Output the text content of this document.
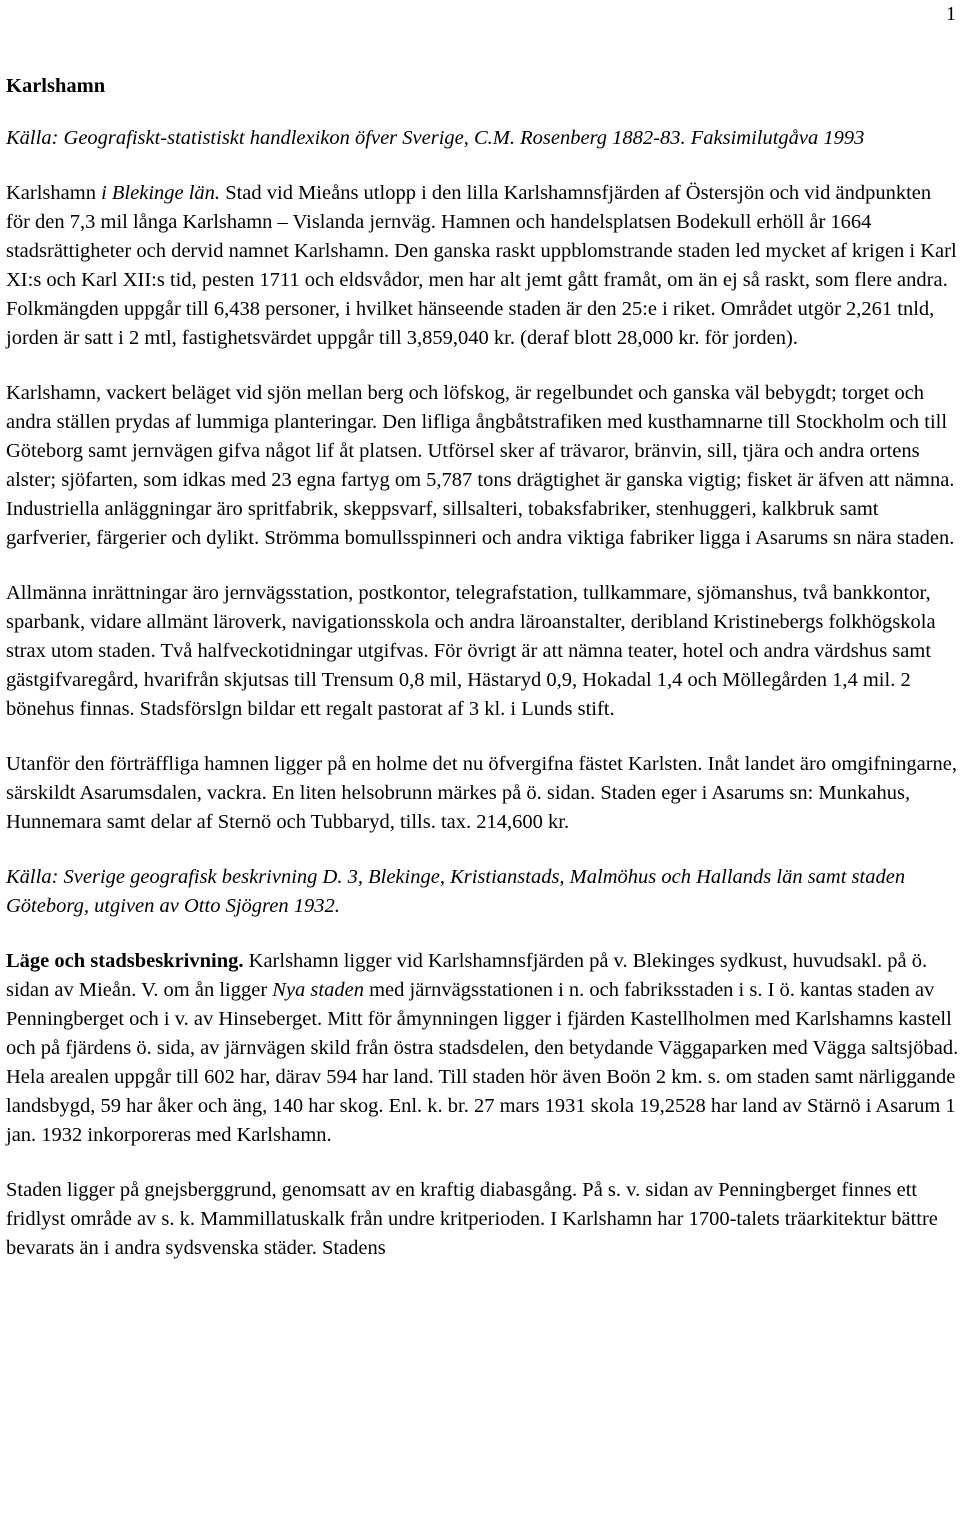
1
Karlshamn

Källa: Geografiskt-statistiskt handlexikon öfver Sverige, C.M. Rosenberg 1882-83. Faksimilutgåva 1993

Karlshamn i Blekinge län. Stad vid Mieåns utlopp i den lilla Karlshamnsfjärden af Östersjön och vid ändpunkten för den 7,3 mil långa Karlshamn – Vislanda jernväg. Hamnen och handelsplatsen Bodekull erhöll år 1664 stadsrättigheter och dervid namnet Karlshamn. Den ganska raskt uppblomstrande staden led mycket af krigen i Karl XI:s och Karl XII:s tid, pesten 1711 och eldsvådor, men har alt jemt gått framåt, om än ej så raskt, som flere andra. Folkmängden uppgår till 6,438 personer, i hvilket hänseende staden är den 25:e i riket. Området utgör 2,261 tnld, jorden är satt i 2 mtl, fastighetsvärdet uppgår till 3,859,040 kr. (deraf blott 28,000 kr. för jorden).

Karlshamn, vackert beläget vid sjön mellan berg och löfskog, är regelbundet och ganska väl bebygdt; torget och andra ställen prydas af lummiga planteringar. Den lifliga ångbåtstrafiken med kusthamnarne till Stockholm och till Göteborg samt jernvägen gifva något lif åt platsen. Utförsel sker af trävaror, bränvin, sill, tjära och andra ortens alster; sjöfarten, som idkas med 23 egna fartyg om 5,787 tons drägtighet är ganska vigtig; fisket är äfven att nämna. Industriella anläggningar äro spritfabrik, skeppsvarf, sillsalteri, tobaksfabriker, stenhuggeri, kalkbruk samt garfverier, färgerier och dylikt. Strömma bomullsspinneri och andra viktiga fabriker ligga i Asarums sn nära staden.

Allmänna inrättningar äro jernvägsstation, postkontor, telegrafstation, tullkammare, sjömanshus, två bankkontor, sparbank, vidare allmänt läroverk, navigationsskola och andra läroanstalter, deribland Kristinebergs folkhögskola strax utom staden. Två halfveckotidningar utgifvas. För övrigt är att nämna teater, hotel och andra värdshus samt gästgifvaregård, hvarifrån skjutsas till Trensum 0,8 mil, Hästaryd 0,9, Hokadal 1,4 och Möllegården 1,4 mil. 2 bönehus finnas. Stadsförslgn bildar ett regalt pastorat af 3 kl. i Lunds stift.

Utanför den förträffliga hamnen ligger på en holme det nu öfvergifna fästet Karlsten. Inåt landet äro omgifningarne, särskildt Asarumsdalen, vackra. En liten helsobrunn märkes på ö. sidan. Staden eger i Asarums sn: Munkahus, Hunnemara samt delar af Sternö och Tubbaryd, tills. tax. 214,600 kr.

Källa: Sverige geografisk beskrivning D. 3, Blekinge, Kristianstads, Malmöhus och Hallands län samt staden Göteborg, utgiven av Otto Sjögren 1932.

Läge och stadsbeskrivning. Karlshamn ligger vid Karlshamnsfjärden på v. Blekinges sydkust, huvudsakl. på ö. sidan av Mieån. V. om ån ligger Nya staden med järnvägsstationen i n. och fabriksstaden i s. I ö. kantas staden av Penningberget och i v. av Hinseberget. Mitt för åmynningen ligger i fjärden Kastellholmen med Karlshamns kastell och på fjärdens ö. sida, av järnvägen skild från östra stadsdelen, den betydande Väggaparken med Vägga saltsjöbad. Hela arealen uppgår till 602 har, därav 594 har land. Till staden hör även Boön 2 km. s. om staden samt närliggande landsbygd, 59 har åker och äng, 140 har skog. Enl. k. br. 27 mars 1931 skola 19,2528 har land av Stärnö i Asarum 1 jan. 1932 inkorporeras med Karlshamn.

Staden ligger på gnejsberggrund, genomsatt av en kraftig diabasgång. På s. v. sidan av Penningberget finnes ett fridlyst område av s. k. Mammillatuskalk från undre kritperioden. I Karlshamn har 1700-talets träarkitektur bättre bevarats än i andra sydsvenska städer. Stadens
